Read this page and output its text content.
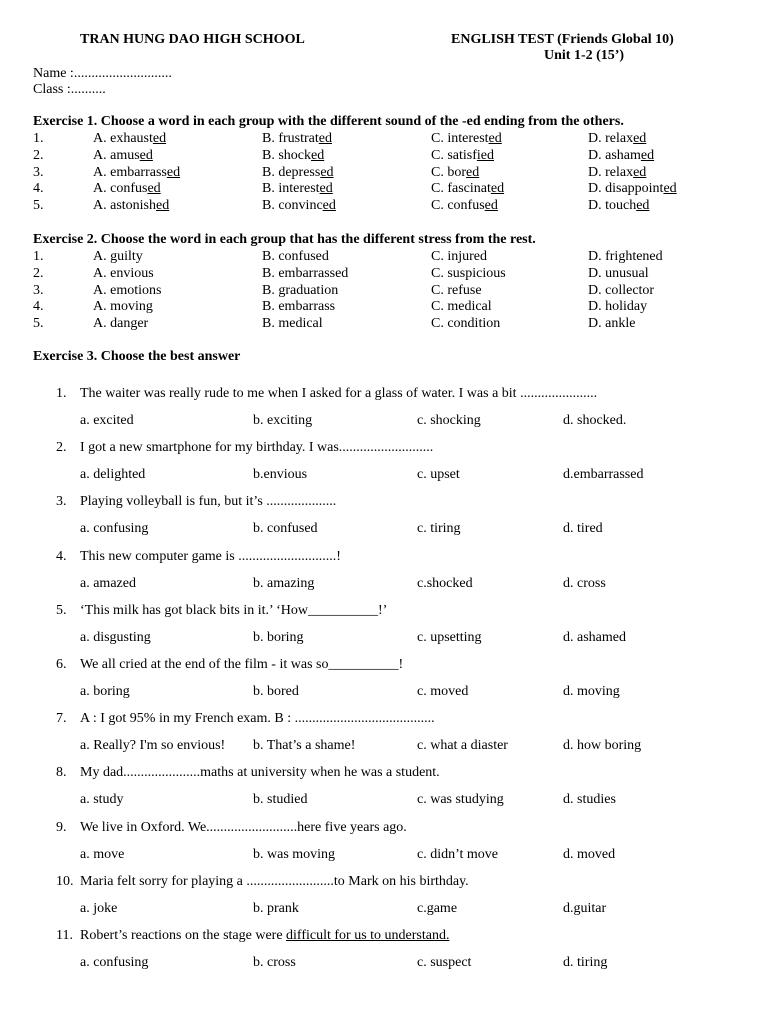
TRAN HUNG DAO HIGH SCHOOL	ENGLISH TEST (Friends Global 10)
Unit 1-2 (15’)
Name :............................
Class :..........
Exercise 1. Choose a word in each group with the different sound of the -ed ending from the others.
1.	A. exhausted	B. frustrated	C. interested	D. relaxed
2.	A. amused	B. shocked	C. satisfied	D. ashamed
3.	A. embarrassed	B. depressed	C. bored	D. relaxed
4.	A. confused	B. interested	C. fascinated	D. disappointed
5.	A. astonished	B. convinced	C. confused	D. touched
Exercise 2. Choose the word in each group that has the different stress from the rest.
1.	A. guilty	B. confused	C. injured	D. frightened
2.	A. envious	B. embarrassed	C. suspicious	D. unusual
3.	A. emotions	B. graduation	C. refuse	D. collector
4.	A. moving	B. embarrass	C. medical	D. holiday
5.	A. danger	B. medical	C. condition	D. ankle
Exercise 3. Choose the best answer
1. The waiter was really rude to me when I asked for a glass of water. I was a bit ......................
a. excited	b. exciting	c. shocking	d. shocked.
2. I got a new smartphone for my birthday. I was...........................
a. delighted	b.envious	c. upset	d.embarrassed
3. Playing volleyball is fun, but it’s ....................
a. confusing	b. confused	c. tiring	d. tired
4. This new computer game is ............................!
a. amazed	b. amazing	c.shocked	d. cross
5. ‘This milk has got black bits in it.’ ‘How__________!’
a. disgusting	b. boring	c. upsetting	d. ashamed
6. We all cried at the end of the film - it was so__________!
a. boring	b. bored	c. moved	d. moving
7. A : I got 95% in my French exam. B : ........................................
a. Really? I'm so envious! b. That’s a shame!	c. what a diaster	d. how boring
8. My dad......................maths at university when he was a student.
a. study	b. studied	c. was studying	d. studies
9. We live in Oxford. We..........................here five years ago.
a. move	b. was moving	c. didn’t move	d. moved
10. Maria felt sorry for playing a .........................to Mark on his birthday.
a. joke	b. prank	c.game	d.guitar
11. Robert’s reactions on the stage were difficult for us to understand.
a. confusing	b. cross	c. suspect	d. tiring
